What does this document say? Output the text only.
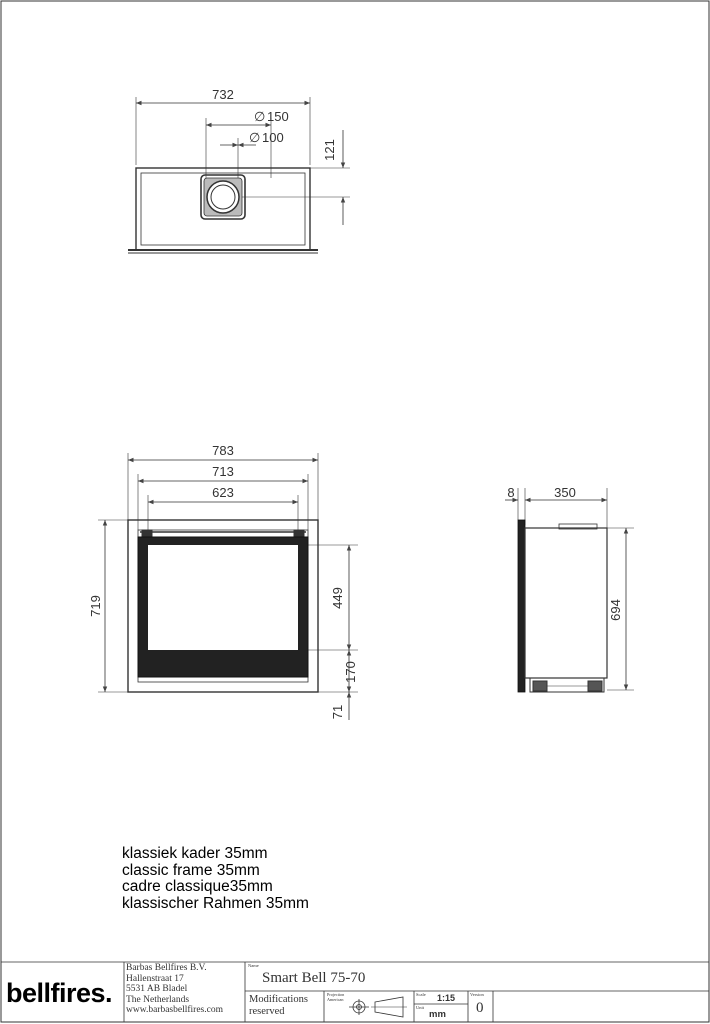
732
∅ 150
∅ 100
121
783
713
623
719	449
170
71
8	350
694
klassiek kader 35mm
classic frame 35mm
cadre classique35mm
klassischer Rahmen 35mm
bellfires.
Barbas Bellfires B.V.
Hallenstraat 17
5531 AB Bladel
The Netherlands
www.barbasbellfires.com
Name
Smart Bell 75-70
Modifications
reserved
Projection
American
Scale 1:15
Unit
mm
Version
0
